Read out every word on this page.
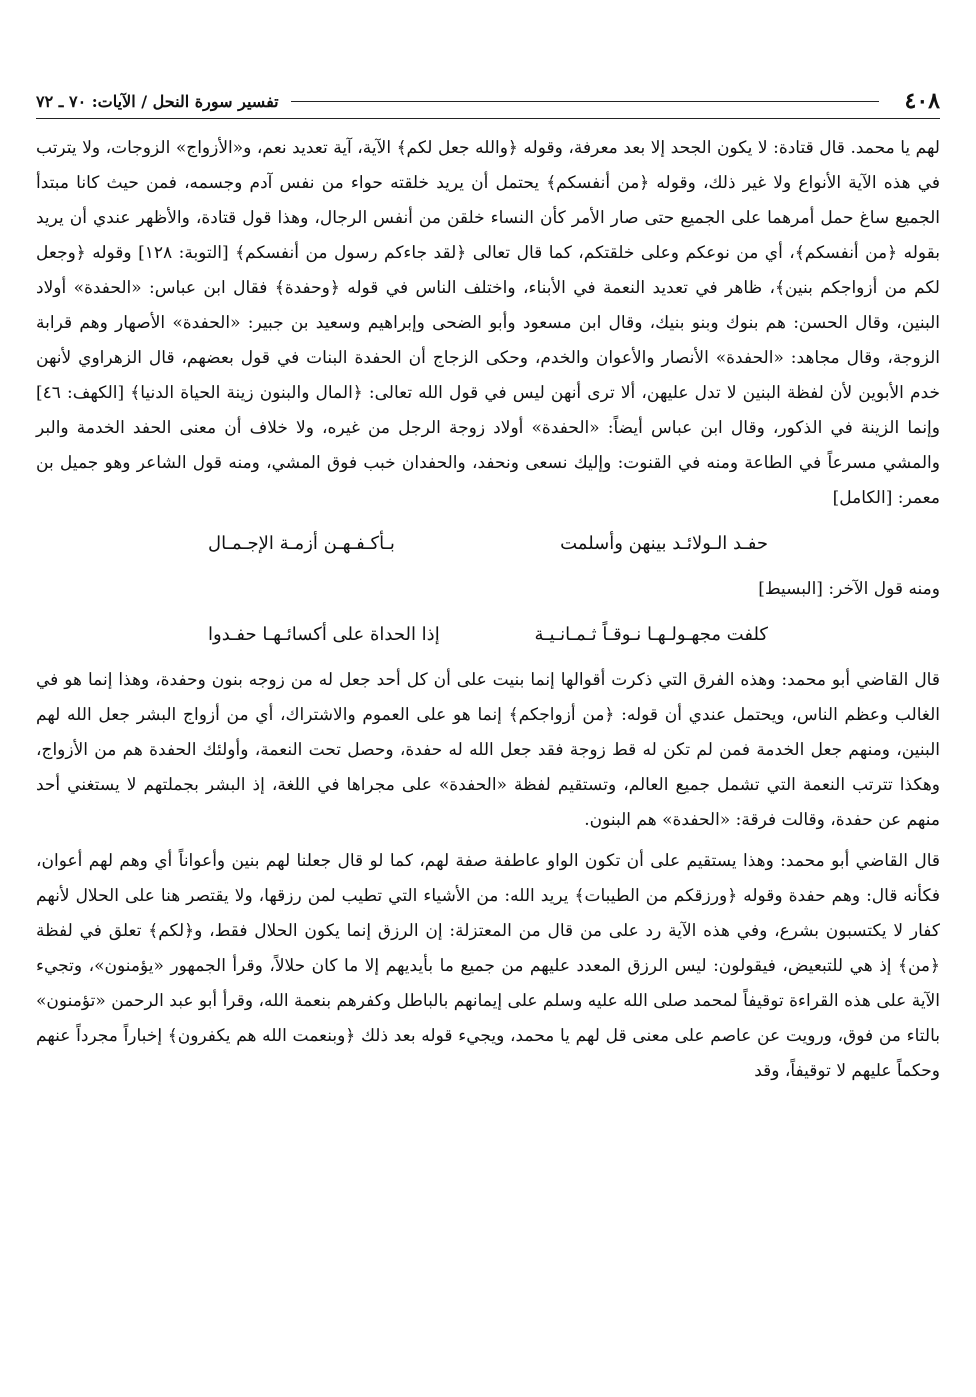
٤٠٨
تفسير سورة النحل / الآيات: ٧٠ ـ ٧٢

لهم يا محمد. قال قتادة: لا يكون الجحد إلا بعد معرفة، وقوله ﴿والله جعل لكم﴾ الآية، آية تعديد نعم، و«الأزواج» الزوجات، ولا يترتب في هذه الآية الأنواع ولا غير ذلك، وقوله ﴿من أنفسكم﴾ يحتمل أن يريد خلقته حواء من نفس آدم وجسمه، فمن حيث كانا مبتدأ الجميع ساغ حمل أمرهما على الجميع حتى صار الأمر كأن النساء خلقن من أنفس الرجال، وهذا قول قتادة، والأظهر عندي أن يريد بقوله ﴿من أنفسكم﴾، أي من نوعكم وعلى خلقتكم، كما قال تعالى ﴿لقد جاءكم رسول من أنفسكم﴾ [التوبة: ١٢٨] وقوله ﴿وجعل لكم من أزواجكم بنين﴾، ظاهر في تعديد النعمة في الأبناء، واختلف الناس في قوله ﴿وحفدة﴾ فقال ابن عباس: «الحفدة» أولاد البنين، وقال الحسن: هم بنوك وبنو بنيك، وقال ابن مسعود وأبو الضحى وإبراهيم وسعيد بن جبير: «الحفدة» الأصهار وهم قرابة الزوجة، وقال مجاهد: «الحفدة» الأنصار والأعوان والخدم، وحكى الزجاج أن الحفدة البنات في قول بعضهم، قال الزهراوي لأنهن خدم الأبوين لأن لفظة البنين لا تدل عليهن، ألا ترى أنهن ليس في قول الله تعالى: ﴿المال والبنون زينة الحياة الدنيا﴾ [الكهف: ٤٦] وإنما الزينة في الذكور، وقال ابن عباس أيضاً: «الحفدة» أولاد زوجة الرجل من غيره، ولا خلاف أن معنى الحفد الخدمة والبر والمشي مسرعاً في الطاعة ومنه في القنوت: وإليك نسعى ونحفد، والحفدان خبب فوق المشي، ومنه قول الشاعر وهو جميل بن معمر: [الكامل]

حفـد الـولائـد بينهن وأسلمت
بـأكـفـهـن أزمـة الإجـمـال

ومنه قول الآخر: [البسيط]

كلفت مجهـولـهـا نـوقـاً ثـمـانـيـة
إذا الحداة على أكسائـهـا حفـدوا

قال القاضي أبو محمد: وهذه الفرق التي ذكرت أقوالها إنما بنيت على أن كل أحد جعل له من زوجه بنون وحفدة، وهذا إنما هو في الغالب وعظم الناس، ويحتمل عندي أن قوله: ﴿من أزواجكم﴾ إنما هو على العموم والاشتراك، أي من أزواج البشر جعل الله لهم البنين، ومنهم جعل الخدمة فمن لم تكن له قط زوجة فقد جعل الله له حفدة، وحصل تحت النعمة، وأولئك الحفدة هم من الأزواج، وهكذا تترتب النعمة التي تشمل جميع العالم، وتستقيم لفظة «الحفدة» على مجراها في اللغة، إذ البشر بجملتهم لا يستغني أحد منهم عن حفدة، وقالت فرقة: «الحفدة» هم البنون.

قال القاضي أبو محمد: وهذا يستقيم على أن تكون الواو عاطفة صفة لهم، كما لو قال جعلنا لهم بنين وأعواناً أي وهم لهم أعوان، فكأنه قال: وهم حفدة وقوله ﴿ورزقكم من الطيبات﴾ يريد الله: من الأشياء التي تطيب لمن رزقها، ولا يقتصر هنا على الحلال لأنهم كفار لا يكتسبون بشرع، وفي هذه الآية رد على من قال من المعتزلة: إن الرزق إنما يكون الحلال فقط، و﴿لكم﴾ تعلق في لفظة ﴿من﴾ إذ هي للتبعيض، فيقولون: ليس الرزق المعدد عليهم من جميع ما بأيديهم إلا ما كان حلالاً، وقرأ الجمهور «يؤمنون»، وتجيء الآية على هذه القراءة توقيفاً لمحمد صلى الله عليه وسلم على إيمانهم بالباطل وكفرهم بنعمة الله، وقرأ أبو عبد الرحمن «تؤمنون» بالتاء من فوق، ورويت عن عاصم على معنى قل لهم يا محمد، ويجيء قوله بعد ذلك ﴿وبنعمت الله هم يكفرون﴾ إخباراً مجرداً عنهم وحكماً عليهم لا توقيفاً، وقد
